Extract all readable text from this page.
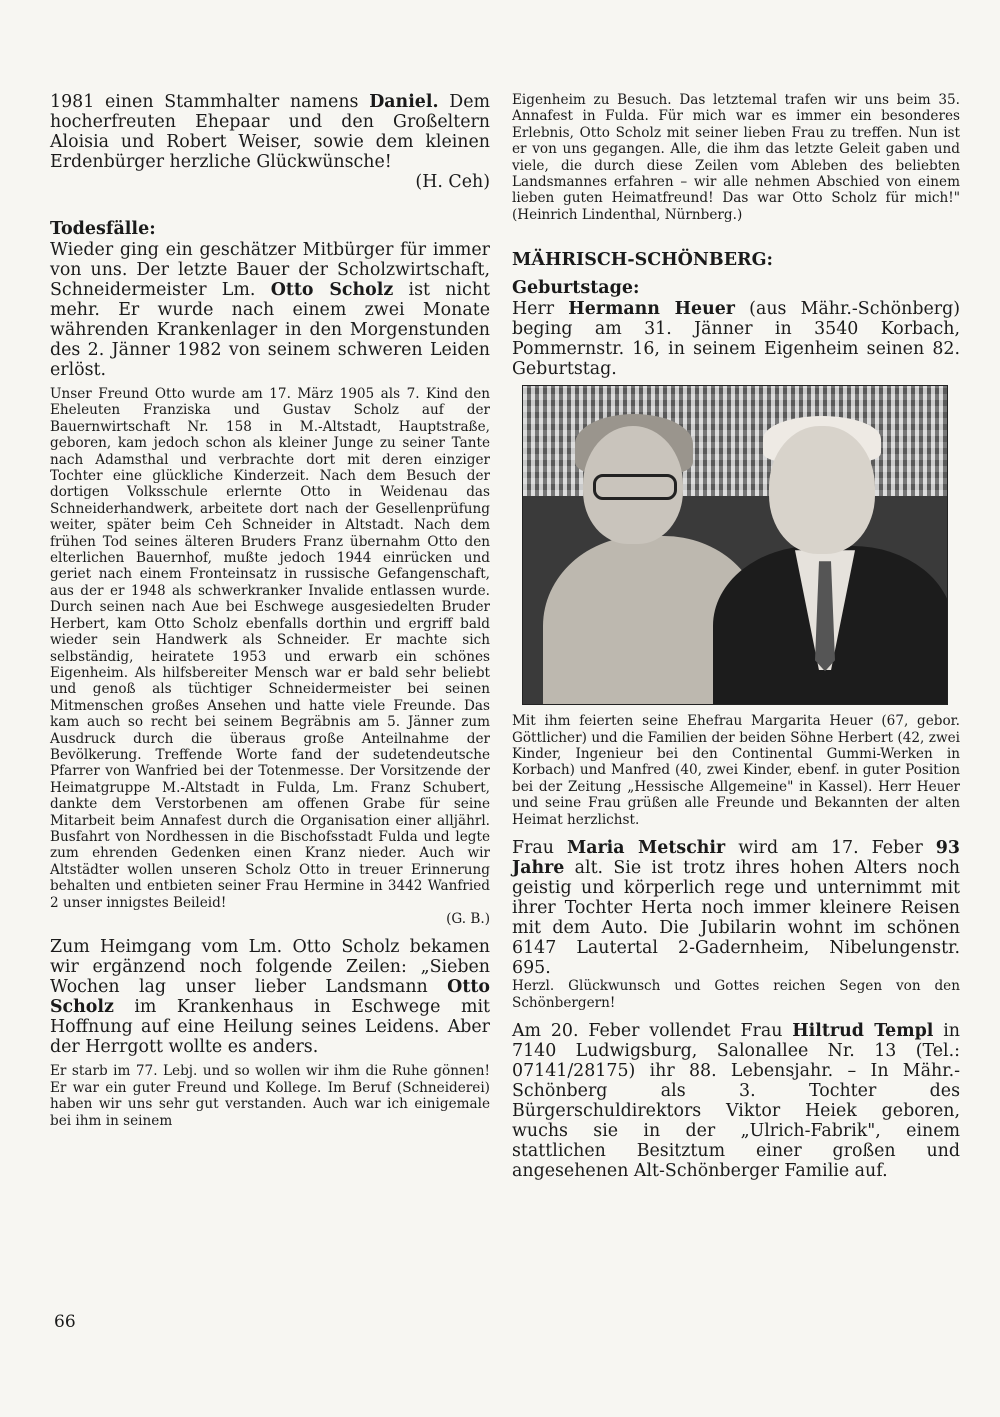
1981 einen Stammhalter namens Daniel. Dem hocherfreuten Ehepaar und den Großeltern Aloisia und Robert Weiser, sowie dem kleinen Erdenbürger herzliche Glückwünsche!
(H. Ceh)
Todesfälle:
Wieder ging ein geschätzer Mitbürger für immer von uns. Der letzte Bauer der Scholzwirtschaft, Schneidermeister Lm. Otto Scholz ist nicht mehr. Er wurde nach einem zwei Monate währenden Krankenlager in den Morgenstunden des 2. Jänner 1982 von seinem schweren Leiden erlöst.
Unser Freund Otto wurde am 17. März 1905 als 7. Kind den Eheleuten Franziska und Gustav Scholz auf der Bauernwirtschaft Nr. 158 in M.-Altstadt, Hauptstraße, geboren, kam jedoch schon als kleiner Junge zu seiner Tante nach Adamsthal und verbrachte dort mit deren einziger Tochter eine glückliche Kinderzeit. Nach dem Besuch der dortigen Volksschule erlernte Otto in Weidenau das Schneiderhandwerk, arbeitete dort nach der Gesellenprüfung weiter, später beim Ceh Schneider in Altstadt. Nach dem frühen Tod seines älteren Bruders Franz übernahm Otto den elterlichen Bauernhof, mußte jedoch 1944 einrücken und geriet nach einem Fronteinsatz in russische Gefangenschaft, aus der er 1948 als schwerkranker Invalide entlassen wurde. Durch seinen nach Aue bei Eschwege ausgesiedelten Bruder Herbert, kam Otto Scholz ebenfalls dorthin und ergriff bald wieder sein Handwerk als Schneider. Er machte sich selbständig, heiratete 1953 und erwarb ein schönes Eigenheim. Als hilfsbereiter Mensch war er bald sehr beliebt und genoß als tüchtiger Schneidermeister bei seinen Mitmenschen großes Ansehen und hatte viele Freunde. Das kam auch so recht bei seinem Begräbnis am 5. Jänner zum Ausdruck durch die überaus große Anteilnahme der Bevölkerung. Treffende Worte fand der sudetendeutsche Pfarrer von Wanfried bei der Totenmesse. Der Vorsitzende der Heimatgruppe M.-Altstadt in Fulda, Lm. Franz Schubert, dankte dem Verstorbenen am offenen Grabe für seine Mitarbeit beim Annafest durch die Organisation einer alljährl. Busfahrt von Nordhessen in die Bischofsstadt Fulda und legte zum ehrenden Gedenken einen Kranz nieder. Auch wir Altstädter wollen unseren Scholz Otto in treuer Erinnerung behalten und entbieten seiner Frau Hermine in 3442 Wanfried 2 unser innigstes Beileid!
(G. B.)
Zum Heimgang vom Lm. Otto Scholz bekamen wir ergänzend noch folgende Zeilen: „Sieben Wochen lag unser lieber Landsmann Otto Scholz im Krankenhaus in Eschwege mit Hoffnung auf eine Heilung seines Leidens. Aber der Herrgott wollte es anders.
Er starb im 77. Lebj. und so wollen wir ihm die Ruhe gönnen! Er war ein guter Freund und Kollege. Im Beruf (Schneiderei) haben wir uns sehr gut verstanden. Auch war ich einigemale bei ihm in seinem
Eigenheim zu Besuch. Das letztemal trafen wir uns beim 35. Annafest in Fulda. Für mich war es immer ein besonderes Erlebnis, Otto Scholz mit seiner lieben Frau zu treffen. Nun ist er von uns gegangen. Alle, die ihm das letzte Geleit gaben und viele, die durch diese Zeilen vom Ableben des beliebten Landsmannes erfahren – wir alle nehmen Abschied von einem lieben guten Heimatfreund! Das war Otto Scholz für mich!" (Heinrich Lindenthal, Nürnberg.)
MÄHRISCH-SCHÖNBERG:
Geburtstage:
Herr Hermann Heuer (aus Mähr.-Schönberg) beging am 31. Jänner in 3540 Korbach, Pommernstr. 16, in seinem Eigenheim seinen 82. Geburtstag.
Mit ihm feierten seine Ehefrau Margarita Heuer (67, gebor. Göttlicher) und die Familien der beiden Söhne Herbert (42, zwei Kinder, Ingenieur bei den Continental Gummi-Werken in Korbach) und Manfred (40, zwei Kinder, ebenf. in guter Position bei der Zeitung „Hessische Allgemeine" in Kassel). Herr Heuer und seine Frau grüßen alle Freunde und Bekannten der alten Heimat herzlichst.
Frau Maria Metschir wird am 17. Feber 93 Jahre alt. Sie ist trotz ihres hohen Alters noch geistig und körperlich rege und unternimmt mit ihrer Tochter Herta noch immer kleinere Reisen mit dem Auto. Die Jubilarin wohnt im schönen 6147 Lautertal 2-Gadernheim, Nibelungenstr. 695.
Herzl. Glückwunsch und Gottes reichen Segen von den Schönbergern!
Am 20. Feber vollendet Frau Hiltrud Templ in 7140 Ludwigsburg, Salonallee Nr. 13 (Tel.: 07141/28175) ihr 88. Lebensjahr. – In Mähr.-Schönberg als 3. Tochter des Bürgerschuldirektors Viktor Heiek geboren, wuchs sie in der „Ulrich-Fabrik", einem stattlichen Besitztum einer großen und angesehenen Alt-Schönberger Familie auf.
66
